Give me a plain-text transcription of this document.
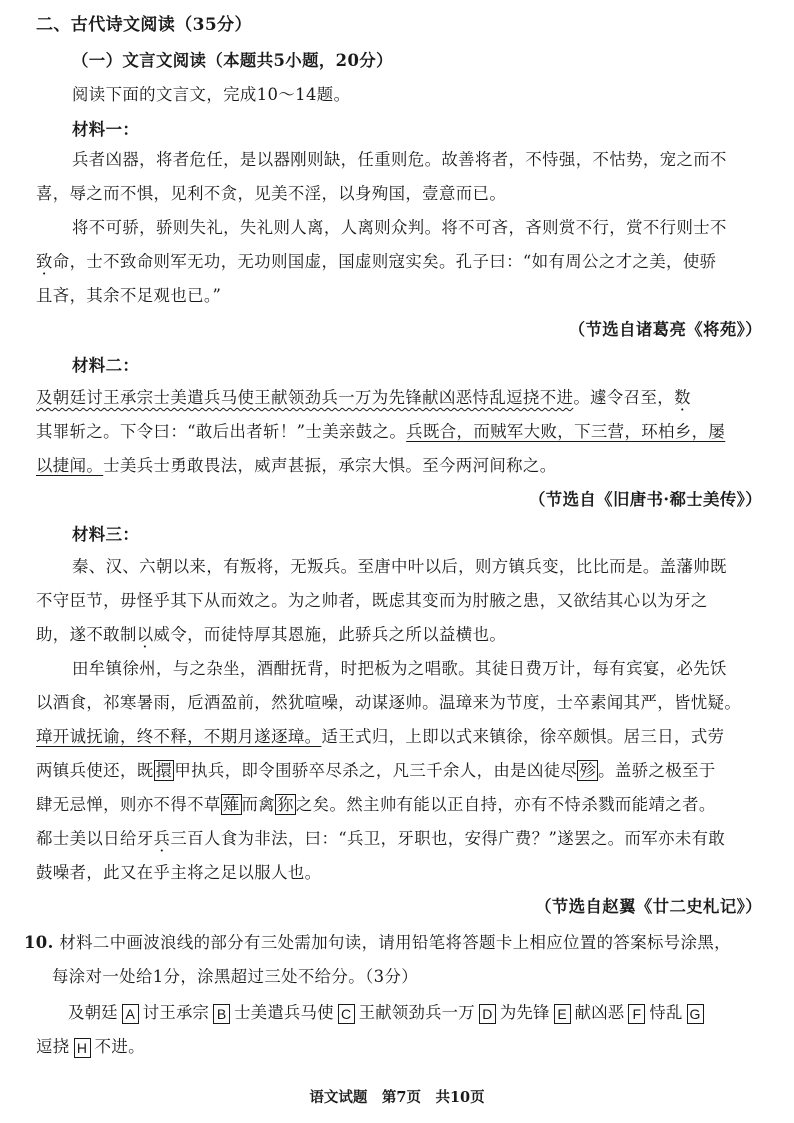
二、古代诗文阅读（35分）
（一）文言文阅读（本题共5小题，20分）
阅读下面的文言文，完成10～14题。
材料一：
兵者凶器，将者危任，是以器刚则缺，任重则危。故善将者，不恃强，不怙势，宠之而不
喜，辱之而不惧，见利不贪，见美不淫，以身殉国，壹意而已。
将不可骄，骄则失礼，失礼则人离，人离则众判。将不可吝，吝则赏不行，赏不行则士不
致命，士不致命则军无功，无功则国虚，国虚则寇实矣。孔子曰：“如有周公之才之美，使骄
且吝，其余不足观也已。”
（节选自诸葛亮《将苑》）
材料二：
及朝廷讨王承宗士美遣兵马使王献领劲兵一万为先锋献凶恶恃乱逗挠不进。遽令召至，数
其罪斩之。下令曰：“敢后出者斩！”士美亲鼓之。兵既合，而贼军大败，下三营，环柏乡，屡
以捷闻。士美兵士勇敢畏法，威声甚振，承宗大惧。至今两河间称之。
（节选自《旧唐书·郗士美传》）
材料三：
秦、汉、六朝以来，有叛将，无叛兵。至唐中叶以后，则方镇兵变，比比而是。盖藩帅既
不守臣节，毋怪乎其下从而效之。为之帅者，既虑其变而为肘腋之患，又欲结其心以为牙之
助，遂不敢制以威令，而徒恃厚其恩施，此骄兵之所以益横也。
田牟镇徐州，与之杂坐，酒酣抚背，时把板为之唱歌。其徒日费万计，每有宾宴，必先饫
以酒食，祁寒暑雨，卮酒盈前，然犹喧噪，动谋逐帅。温璋来为节度，士卒素闻其严，皆忧疑。
璋开诚抚谕，终不释，不期月遂逐璋。适王式归，上即以式来镇徐，徐卒颇惧。居三日，式劳
两镇兵使还，既 擐 甲执兵，即令围骄卒尽杀之，凡三千余人，由是凶徒尽 殄 。盖骄之极至于
肆无忌惮，则亦不得不草 薙 而禽 狝 之矣。然主帅有能以正自持，亦有不恃杀戮而能靖之者。
郗士美以日给牙兵三百人食为非法，曰：“兵卫，牙职也，安得广费？”遂罢之。而军亦未有敢
鼓噪者，此又在乎主将之足以服人也。
（节选自赵翼《廿二史札记》）
10. 材料二中画波浪线的部分有三处需加句读，请用铅笔将答题卡上相应位置的答案标号涂黑，
每涂对一处给1分，涂黑超过三处不给分。（3分）
及朝廷 A 讨王承宗 B 士美遣兵马使 C 王献领劲兵一万 D 为先锋 E 献凶恶 F 恃乱 G
逗挠 H 不进。
语文试题　第7页　共10页
